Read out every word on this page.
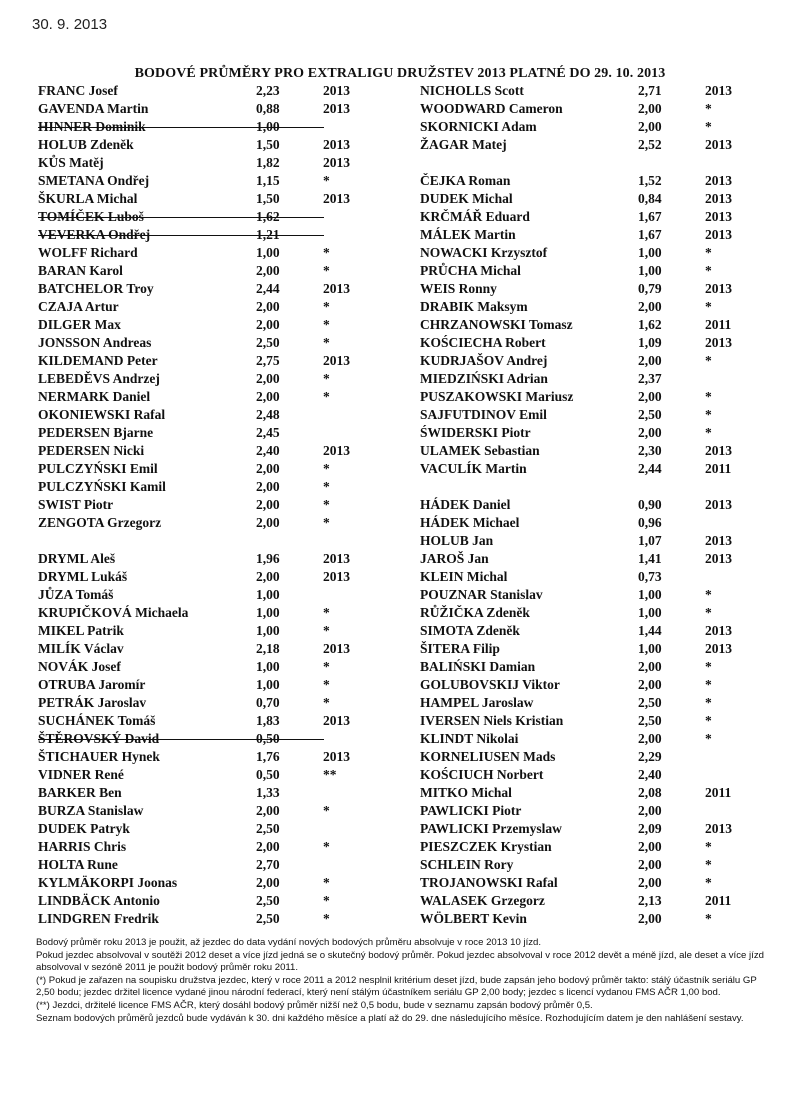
30. 9. 2013
BODOVÉ PRŮMĚRY PRO EXTRALIGU DRUŽSTEV 2013 PLATNÉ DO 29. 10. 2013
FRANC Josef	2,23	2013
GAVENDA Martin	0,88	2013
HINNER Dominik	1,00
HOLUB Zdeněk	1,50	2013
KŮS Matěj	1,82	2013
SMETANA Ondřej	1,15	*
ŠKURLA Michal	1,50	2013
TOMÍČEK Luboš	1,62
VEVERKA Ondřej	1,21
WOLFF Richard	1,00	*
BARAN Karol	2,00	*
BATCHELOR Troy	2,44	2013
CZAJA Artur	2,00	*
DILGER Max	2,00	*
JONSSON Andreas	2,50	*
KILDEMAND Peter	2,75	2013
LEBEDĚVS Andrzej	2,00	*
NERMARK Daniel	2,00	*
OKONIEWSKI Rafal	2,48
PEDERSEN Bjarne	2,45
PEDERSEN Nicki	2,40	2013
PULCZYŃSKI Emil	2,00	*
PULCZYŃSKI Kamil	2,00	*
SWIST Piotr	2,00	*
ZENGOTA Grzegorz	2,00	*
DRYML Aleš	1,96	2013
DRYML Lukáš	2,00	2013
JŮZA Tomáš	1,00
KRUPIČKOVÁ Michaela	1,00	*
MIKEL Patrik	1,00	*
MILÍK Václav	2,18	2013
NOVÁK Josef	1,00	*
OTRUBA Jaromír	1,00	*
PETRÁK Jaroslav	0,70	*
SUCHÁNEK Tomáš	1,83	2013
ŠTĚROVSKÝ David	0,50
ŠTICHAUER Hynek	1,76	2013
VIDNER René	0,50	**
BARKER Ben	1,33
BURZA Stanislaw	2,00	*
DUDEK Patryk	2,50
HARRIS Chris	2,00	*
HOLTA Rune	2,70
KYLMÄKORPI Joonas	2,00	*
LINDBÄCK Antonio	2,50	*
LINDGREN Fredrik	2,50	*
NICHOLLS Scott	2,71	2013
WOODWARD Cameron	2,00	*
SKORNICKI Adam	2,00	*
ŽAGAR Matej	2,52	2013
ČEJKA Roman	1,52	2013
DUDEK Michal	0,84	2013
KRČMÁŘ Eduard	1,67	2013
MÁLEK Martin	1,67	2013
NOWACKI Krzysztof	1,00	*
PRŮCHA Michal	1,00	*
WEIS Ronny	0,79	2013
DRABIK Maksym	2,00	*
CHRZANOWSKI Tomasz	1,62	2011
KOŚCIECHA Robert	1,09	2013
KUDRJAŠOV Andrej	2,00	*
MIEDZIŃSKI Adrian	2,37
PUSZAKOWSKI Mariusz	2,00	*
SAJFUTDINOV Emil	2,50	*
ŚWIDERSKI Piotr	2,00	*
ULAMEK Sebastian	2,30	2013
VACULÍK Martin	2,44	2011
HÁDEK Daniel	0,90	2013
HÁDEK Michael	0,96
HOLUB Jan	1,07	2013
JAROŠ Jan	1,41	2013
KLEIN Michal	0,73
POUZNAR Stanislav	1,00	*
RŮŽIČKA Zdeněk	1,00	*
SIMOTA Zdeněk	1,44	2013
ŠITERA Filip	1,00	2013
BALIŃSKI Damian	2,00	*
GOLUBOVSKIJ Viktor	2,00	*
HAMPEL Jaroslaw	2,50	*
IVERSEN Niels Kristian	2,50	*
KLINDT Nikolai	2,00	*
KORNELIUSEN Mads	2,29
KOŚCIUCH Norbert	2,40
MITKO Michal	2,08	2011
PAWLICKI Piotr	2,00
PAWLICKI Przemyslaw	2,09	2013
PIESZCZEK Krystian	2,00	*
SCHLEIN Rory	2,00	*
TROJANOWSKI Rafal	2,00	*
WALASEK Grzegorz	2,13	2011
WÖLBERT Kevin	2,00	*

Bodový průměr roku 2013 je použit, až jezdec do data vydání nových bodových průměru absolvuje v roce 2013 10 jízd.

Pokud jezdec absolvoval v soutěži 2012 deset a více jízd jedná se o skutečný bodový průměr. Pokud jezdec absolvoval v roce 2012 devět a méně jízd, ale deset a více jízd absolvoval v sezóně 2011 je použit bodový průměr roku 2011.

(*) Pokud je zařazen na soupisku družstva jezdec, který v roce 2011 a 2012 nesplnil kritérium deset jízd, bude zapsán jeho bodový průměr takto: stálý účastník seriálu GP 2,50 bodu; jezdec držitel licence vydané jinou národní federací, který není stálým účastníkem seriálu GP 2,00 body; jezdec s licencí vydanou FMS AČR 1,00 bod.

(**) Jezdci, držitelé licence FMS AČR, který dosáhl bodový průměr nižší než 0,5 bodu, bude v seznamu zapsán bodový průměr 0,5.

Seznam bodových průměrů jezdců bude vydáván k 30. dni každého měsíce a platí až do 29. dne následujícího měsíce. Rozhodujícím datem je den nahlášení sestavy.
